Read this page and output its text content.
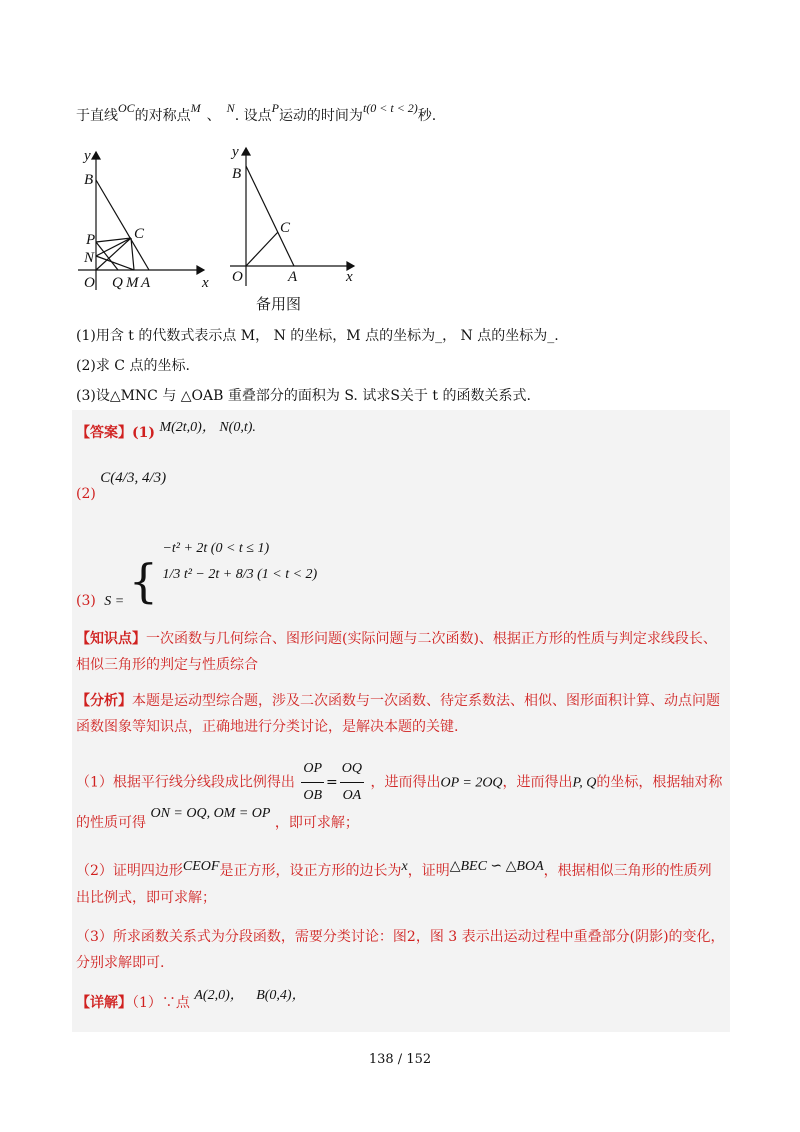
于直线OC的对称点M 、 N. 设点P运动的时间为t(0 < t < 2)秒.
y
B
C
P
N
O Q M A	x
y
B
C
O	A	x
备用图
(1)用含 t 的代数式表示点 M， N 的坐标，M 点的坐标为_， N 点的坐标为_.
(2)求 C 点的坐标.
(3)设△MNC 与 △OAB 重叠部分的面积为 S. 试求S关于 t 的函数关系式.
【答案】(1) M(2t,0)， N(0,t).
(2) C(4/3, 4/3)
(3) S = {
−t² + 2t (0 < t ≤ 1)
1/3 t² − 2t + 8/3 (1 < t < 2)
【知识点】一次函数与几何综合、图形问题(实际问题与二次函数)、根据正方形的性质与判定求线段长、
相似三角形的判定与性质综合
【分析】本题是运动型综合题，涉及二次函数与一次函数、待定系数法、相似、图形面积计算、动点问题
函数图象等知识点，正确地进行分类讨论，是解决本题的关键.
（1）根据平行线分线段成比例得出 $\frac{OP}{OB} = \frac{OQ}{OA}$ ，进而得出OP = 2OQ，进而得出P, Q的坐标，根据轴对称
的性质可得 ON = OQ, OM = OP ，即可求解；
（2）证明四边形CEOF是正方形，设正方形的边长为x，证明△BEC ∽ △BOA，根据相似三角形的性质列
出比例式，即可求解；
（3）所求函数关系式为分段函数，需要分类讨论：图2，图 3 表示出运动过程中重叠部分(阴影)的变化，
分别求解即可.
【详解】（1）∵点 A(2,0)， B(0,4)，
138 / 152
